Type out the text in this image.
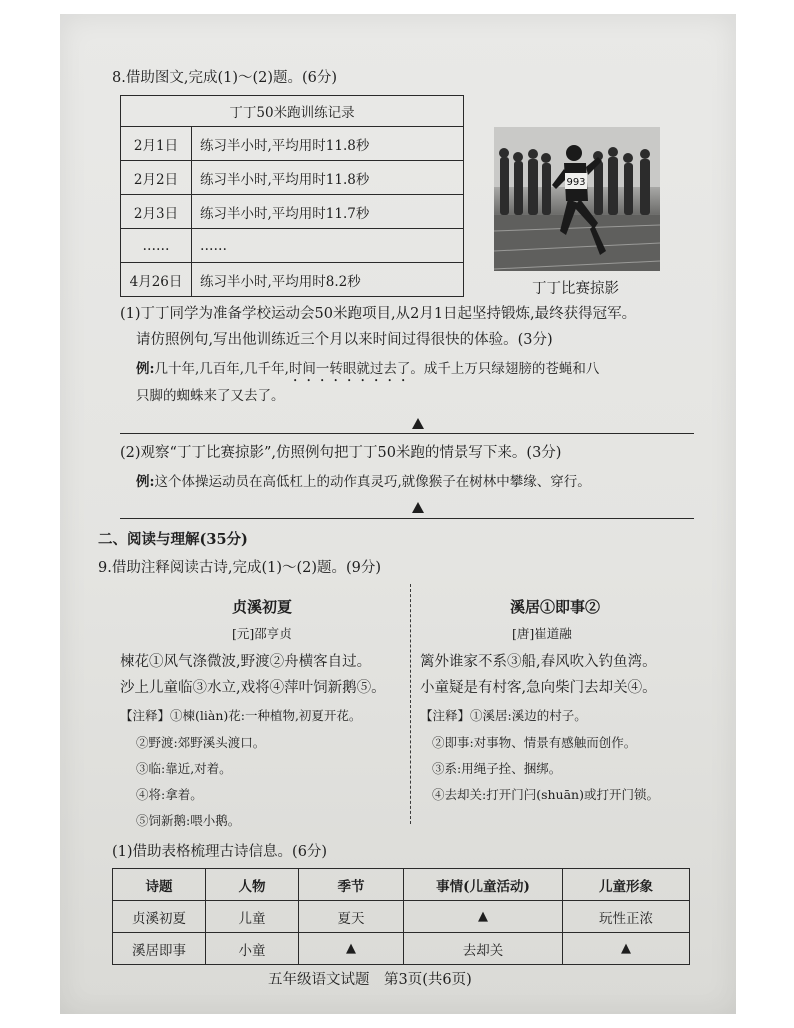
8.借助图文,完成(1)～(2)题。(6分)
丁丁50米跑训练记录	
2月1日	练习半小时,平均用时11.8秒
2月2日	练习半小时,平均用时11.8秒
2月3日	练习半小时,平均用时11.7秒
……	……
4月26日	练习半小时,平均用时8.2秒
993
丁丁比赛掠影
(1)丁丁同学为准备学校运动会50米跑项目,从2月1日起坚持锻炼,最终获得冠军。
请仿照例句,写出他训练近三个月以来时间过得很快的体验。(3分)
例:几十年,几百年,几千年,时间一转眼就过去了。成千上万只绿翅膀的苍蝇和八
只脚的蜘蛛来了又去了。
(2)观察“丁丁比赛掠影”,仿照例句把丁丁50米跑的情景写下来。(3分)
例:这个体操运动员在高低杠上的动作真灵巧,就像猴子在树林中攀缘、穿行。
二、阅读与理解(35分)
9.借助注释阅读古诗,完成(1)～(2)题。(9分)
贞溪初夏
[元]邵亨贞
楝花①风气涤微波,野渡②舟横客自过。
沙上儿童临③水立,戏将④萍叶饲新鹅⑤。
【注释】①楝(liàn)花:一种植物,初夏开花。
②野渡:郊野溪头渡口。
③临:靠近,对着。
④将:拿着。
⑤饲新鹅:喂小鹅。
溪居①即事②
[唐]崔道融
篱外谁家不系③船,春风吹入钓鱼湾。
小童疑是有村客,急向柴门去却关④。
【注释】①溪居:溪边的村子。
②即事:对事物、情景有感触而创作。
③系:用绳子拴、捆绑。
④去却关:打开门闩(shuān)或打开门锁。
(1)借助表格梳理古诗信息。(6分)
诗题	人物	季节	事情(儿童活动)	儿童形象
贞溪初夏	儿童	夏天	▲	玩性正浓
溪居即事	小童	▲	去却关	▲
五年级语文试题　第3页(共6页)
